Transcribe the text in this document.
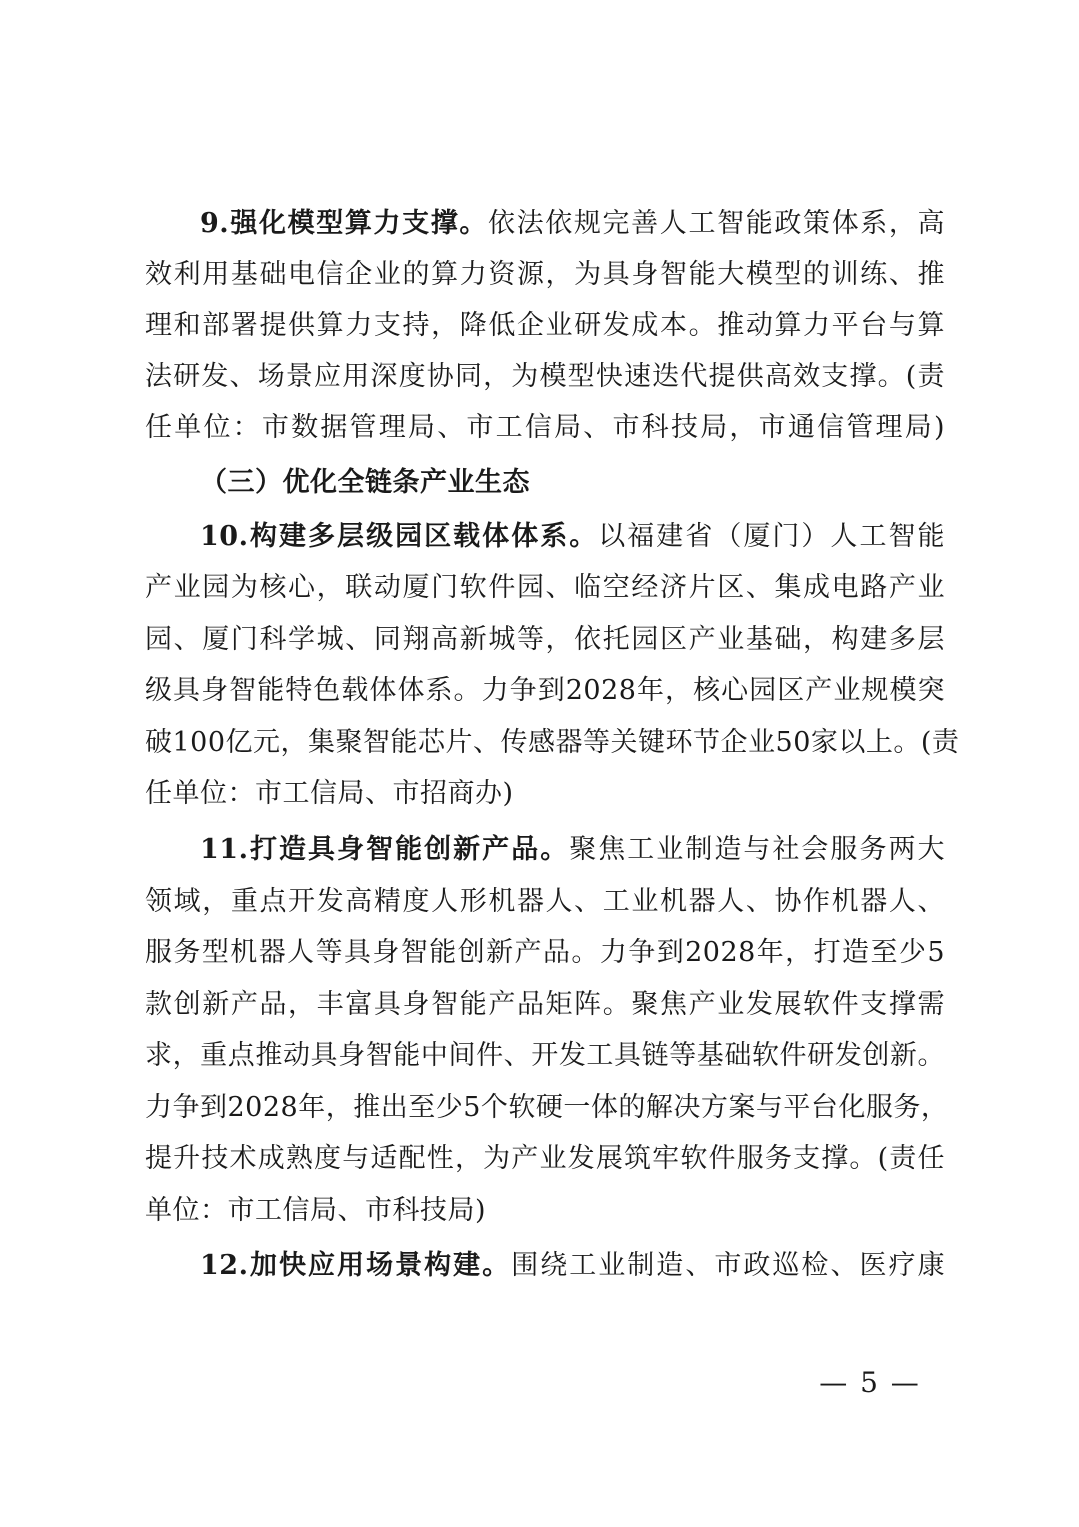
9.强化模型算力支撑。依法依规完善人工智能政策体系，高
效利用基础电信企业的算力资源，为具身智能大模型的训练、推
理和部署提供算力支持，降低企业研发成本。推动算力平台与算
法研发、场景应用深度协同，为模型快速迭代提供高效支撑。(责
任单位：市数据管理局、市工信局、市科技局，市通信管理局)
（三）优化全链条产业生态
10.构建多层级园区载体体系。以福建省（厦门）人工智能
产业园为核心，联动厦门软件园、临空经济片区、集成电路产业
园、厦门科学城、同翔高新城等，依托园区产业基础，构建多层
级具身智能特色载体体系。力争到2028年，核心园区产业规模突
破100亿元，集聚智能芯片、传感器等关键环节企业50家以上。(责
任单位：市工信局、市招商办)
11.打造具身智能创新产品。聚焦工业制造与社会服务两大
领域，重点开发高精度人形机器人、工业机器人、协作机器人、
服务型机器人等具身智能创新产品。力争到2028年，打造至少5
款创新产品，丰富具身智能产品矩阵。聚焦产业发展软件支撑需
求，重点推动具身智能中间件、开发工具链等基础软件研发创新。
力争到2028年，推出至少5个软硬一体的解决方案与平台化服务，
提升技术成熟度与适配性，为产业发展筑牢软件服务支撑。(责任
单位：市工信局、市科技局)
12.加快应用场景构建。围绕工业制造、市政巡检、医疗康
— 5 —
